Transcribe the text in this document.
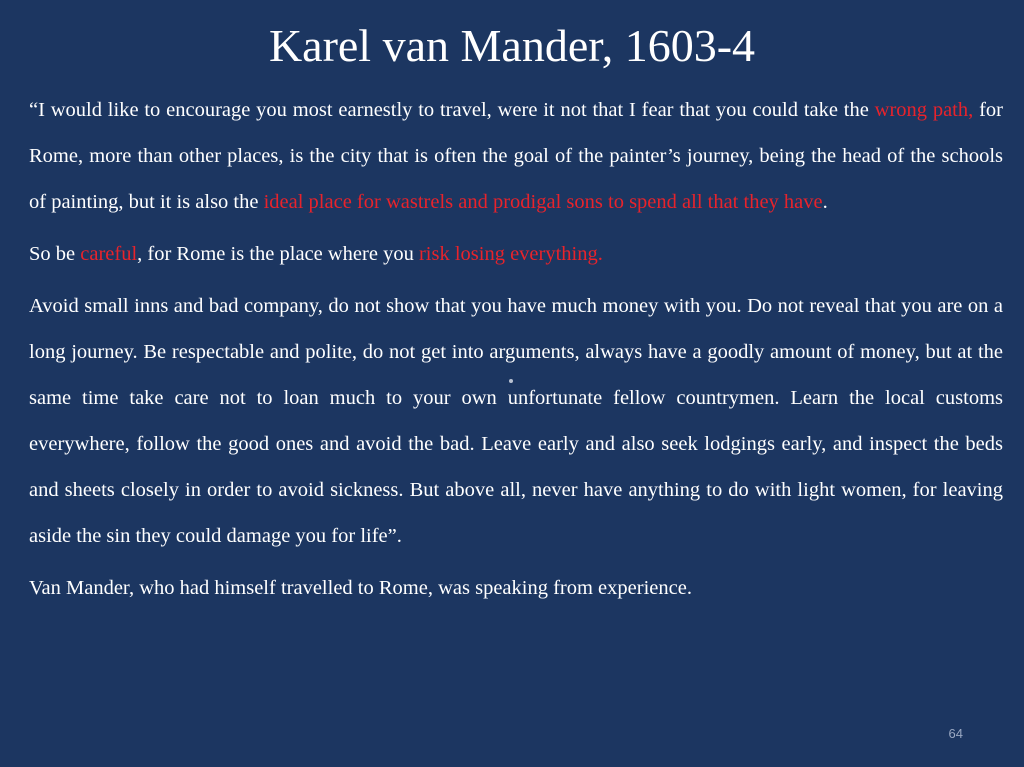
Karel van Mander, 1603-4

“I would like to encourage you most earnestly to travel, were it not that I fear that you could take the wrong path, for Rome, more than other places, is the city that is often the goal of the painter’s journey, being the head of the schools of painting, but it is also the ideal place for wastrels and prodigal sons to spend all that they have.

So be careful, for Rome is the place where you risk losing everything.

Avoid small inns and bad company, do not show that you have much money with you. Do not reveal that you are on a long journey. Be respectable and polite, do not get into arguments, always have a goodly amount of money, but at the same time take care not to loan much to your own unfortunate fellow countrymen. Learn the local customs everywhere, follow the good ones and avoid the bad. Leave early and also seek lodgings early, and inspect the beds and sheets closely in order to avoid sickness. But above all, never have anything to do with light women, for leaving aside the sin they could damage you for life”.

Van Mander, who had himself travelled to Rome, was speaking from experience.

64
